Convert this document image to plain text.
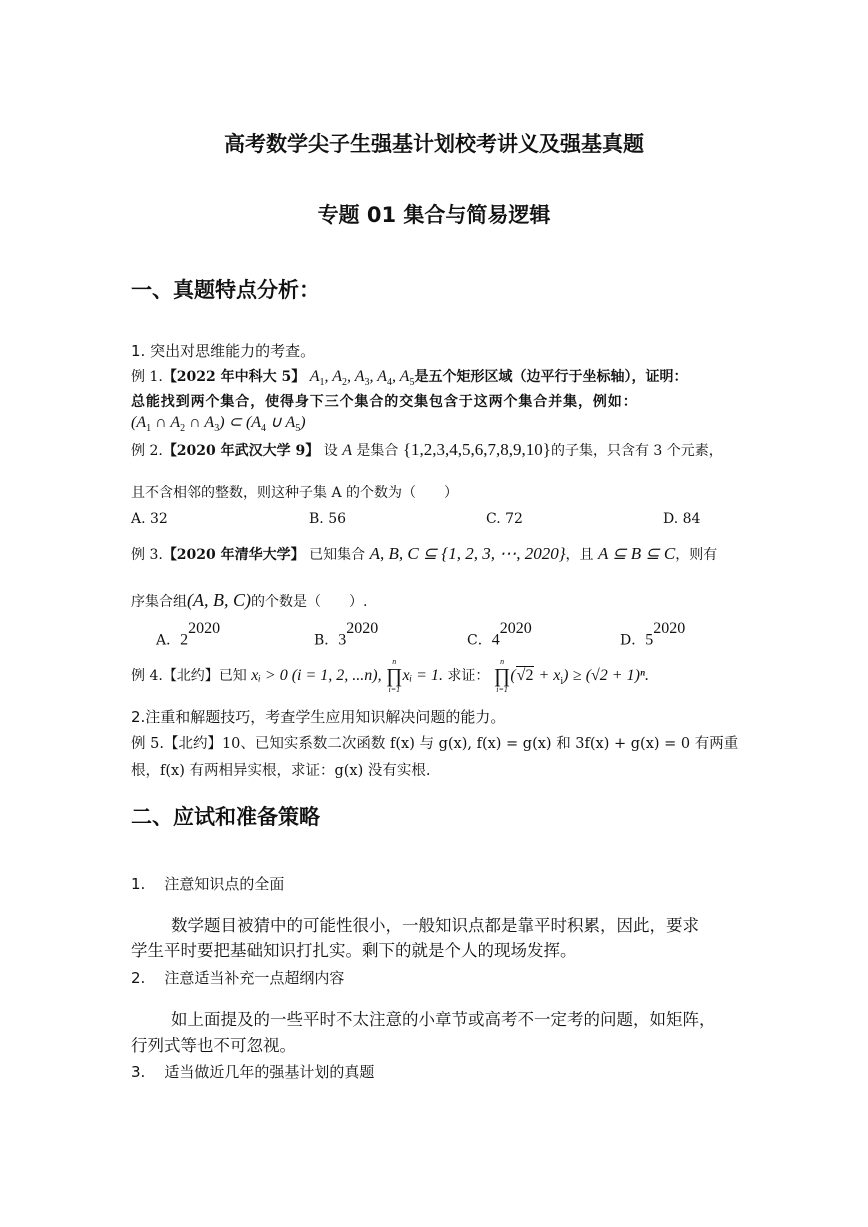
高考数学尖子生强基计划校考讲义及强基真题
专题 01 集合与简易逻辑
一、真题特点分析：
1. 突出对思维能力的考查。
例 1.【2022 年中科大 5】 $A_1$, $A_2$, $A_3$, $A_4$, $A_5$是五个矩形区域（边平行于坐标轴），证明：
总能找到两个集合，使得身下三个集合的交集包含于这两个集合并集，例如：
($A_1$ ∩ $A_2$ ∩ $A_3$) ⊂ ($A_4$ ∪ $A_5$)
例 2.【2020 年武汉大学 9】 设 A 是集合 {1,2,3,4,5,6,7,8,9,10}的子集，只含有 3 个元素，
且不含相邻的整数，则这种子集 A 的个数为（　　）
A. 32	B. 56	C. 72	D. 84
例 3.【2020 年清华大学】 已知集合 A, B, C ⊆ {1, 2, 3, ⋯, 2020}，且 A ⊆ B ⊆ C，则有
序集合组(A, B, C)的个数是（　　）.
A．$2^{2020}$
B．$3^{2020}$
C．$4^{2020}$
D．$5^{2020}$
例 4.【北约】已知 xᵢ > 0 (i = 1, 2, ...n),
n
∏
i=1
xᵢ = 1. 求证：
n
∏
i=1
$(√2 + x_i) \ge (√2 + 1)^n$.
2.注重和解题技巧，考查学生应用知识解决问题的能力。
例 5.【北约】10、已知实系数二次函数 f(x) 与 g(x), f(x) = g(x) 和 3f(x) + g(x) = 0 有两重
根，f(x) 有两相异实根，求证：g(x) 没有实根.
二、应试和准备策略
1. 注意知识点的全面
数学题目被猜中的可能性很小，一般知识点都是靠平时积累，因此，要求
学生平时要把基础知识打扎实。剩下的就是个人的现场发挥。
2. 注意适当补充一点超纲内容
如上面提及的一些平时不太注意的小章节或高考不一定考的问题，如矩阵，
行列式等也不可忽视。
3. 适当做近几年的强基计划的真题
